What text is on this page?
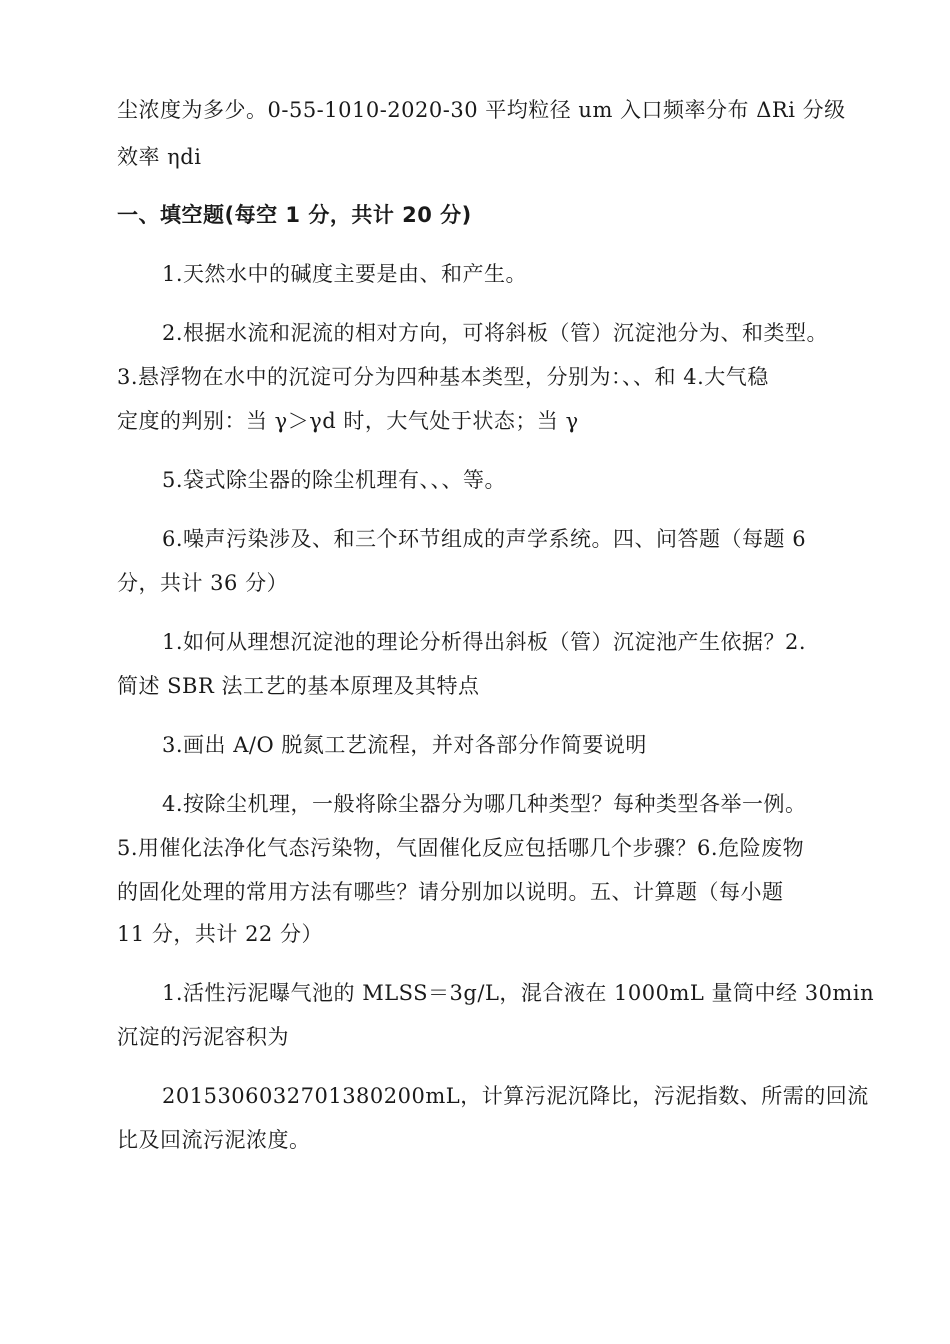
尘浓度为多少。0-55-1010-2020-30 平均粒径 um 入口频率分布 ΔRi 分级
效率 ηdi
一、填空题(每空 1 分，共计 20 分)
1.天然水中的碱度主要是由、和产生。
2.根据水流和泥流的相对方向，可将斜板（管）沉淀池分为、和类型。
3.悬浮物在水中的沉淀可分为四种基本类型，分别为：、、和 4.大气稳
定度的判别：当 γ＞γd 时，大气处于状态；当 γ
5.袋式除尘器的除尘机理有、、、等。
6.噪声污染涉及、和三个环节组成的声学系统。四、问答题（每题 6
分，共计 36 分）
1.如何从理想沉淀池的理论分析得出斜板（管）沉淀池产生依据？2.
简述 SBR 法工艺的基本原理及其特点
3.画出 A/O 脱氮工艺流程，并对各部分作简要说明
4.按除尘机理，一般将除尘器分为哪几种类型？每种类型各举一例。
5.用催化法净化气态污染物，气固催化反应包括哪几个步骤？6.危险废物
的固化处理的常用方法有哪些？请分别加以说明。五、计算题（每小题
11 分，共计 22 分）
1.活性污泥曝气池的 MLSS＝3g/L，混合液在 1000mL 量筒中经 30min
沉淀的污泥容积为
201530603270138020​0mL，计算污泥沉降比，污泥指数、所需的回流
比及回流污泥浓度。
